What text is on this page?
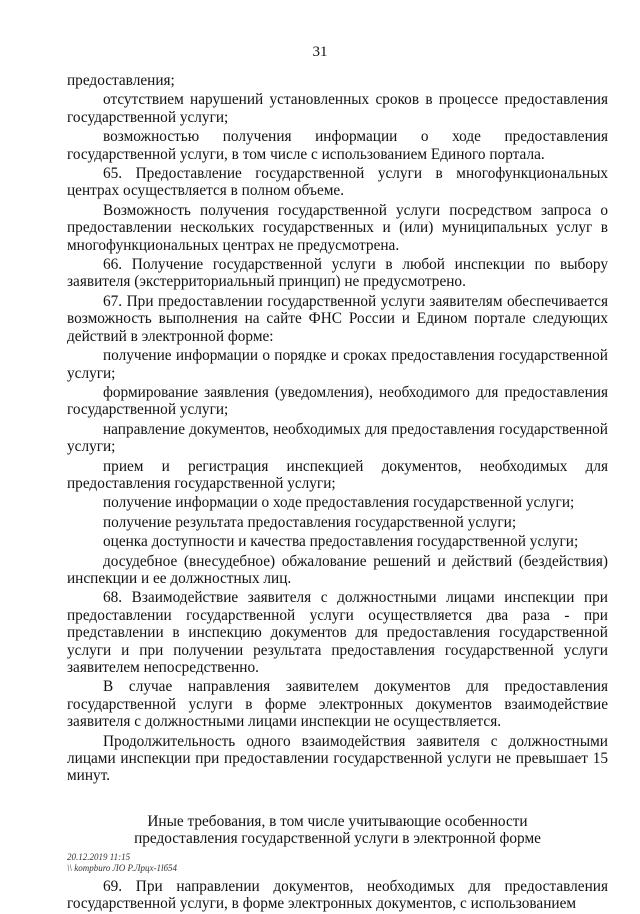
31

предоставления;

отсутствием нарушений установленных сроков в процессе предоставления государственной услуги;

возможностью получения информации о ходе предоставления государственной услуги, в том числе с использованием Единого портала.

65. Предоставление государственной услуги в многофункциональных центрах осуществляется в полном объеме.

Возможность получения государственной услуги посредством запроса о предоставлении нескольких государственных и (или) муниципальных услуг в многофункциональных центрах не предусмотрена.

66. Получение государственной услуги в любой инспекции по выбору заявителя (экстерриториальный принцип) не предусмотрено.

67. При предоставлении государственной услуги заявителям обеспечивается возможность выполнения на сайте ФНС России и Едином портале следующих действий в электронной форме:

получение информации о порядке и сроках предоставления государственной услуги;

формирование заявления (уведомления), необходимого для предоставления государственной услуги;

направление документов, необходимых для предоставления государственной услуги;

прием и регистрация инспекцией документов, необходимых для предоставления государственной услуги;

получение информации о ходе предоставления государственной услуги;

получение результата предоставления государственной услуги;

оценка доступности и качества предоставления государственной услуги;

досудебное (внесудебное) обжалование решений и действий (бездействия) инспекции и ее должностных лиц.

68. Взаимодействие заявителя с должностными лицами инспекции при предоставлении государственной услуги осуществляется два раза - при представлении в инспекцию документов для предоставления государственной услуги и при получении результата предоставления государственной услуги заявителем непосредственно.

В случае направления заявителем документов для предоставления государственной услуги в форме электронных документов взаимодействие заявителя с должностными лицами инспекции не осуществляется.

Продолжительность одного взаимодействия заявителя с должностными лицами инспекции при предоставлении государственной услуги не превышает 15 минут.

Иные требования, в том числе учитывающие особенности
предоставления государственной услуги в электронной форме

69. При направлении документов, необходимых для предоставления государственной услуги, в форме электронных документов, с использованием

20.12.2019 11:15
\\ kompburo ЛО Р.Лрцх-1lб54
